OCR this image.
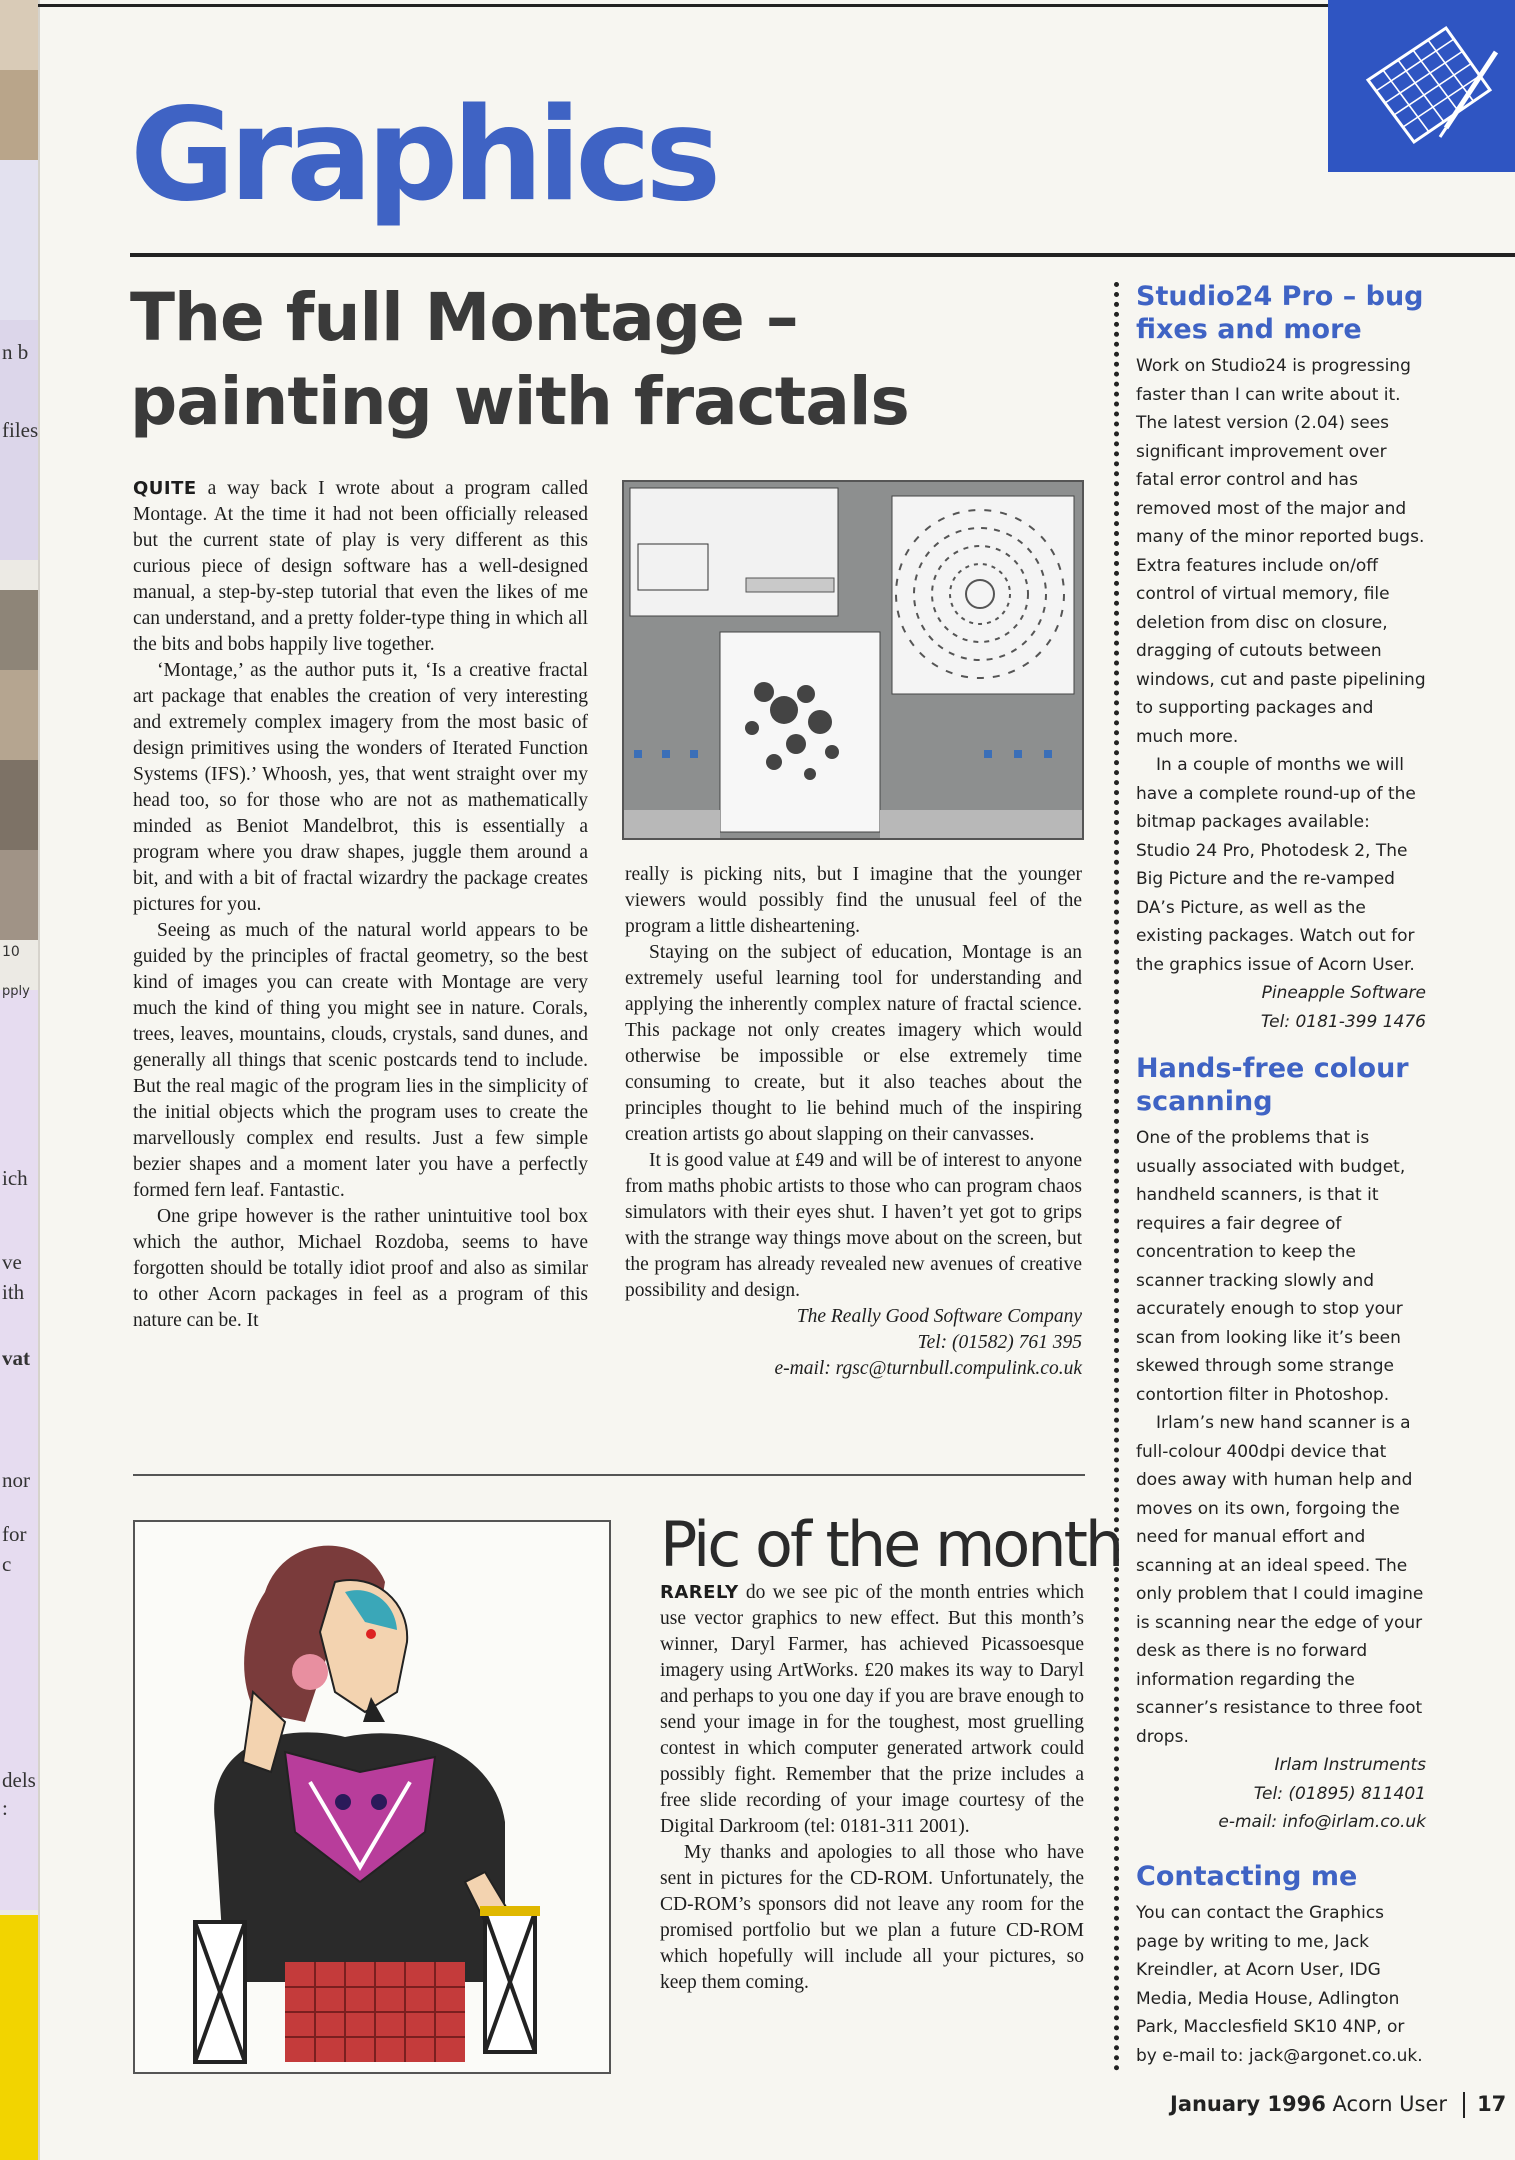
n b
files
10
pply
ich
ve
ith
vat
nor
for
c
dels
:
Graphics
The full Montage – painting with fractals

QUITE a way back I wrote about a program called Montage. At the time it had not been officially released but the current state of play is very different as this curious piece of design software has a well-designed manual, a step-by-step tutorial that even the likes of me can understand, and a pretty folder-type thing in which all the bits and bobs happily live together.

‘Montage,’ as the author puts it, ‘Is a creative fractal art package that enables the creation of very interesting and extremely complex imagery from the most basic of design primitives using the wonders of Iterated Function Systems (IFS).’ Whoosh, yes, that went straight over my head too, so for those who are not as mathematically minded as Beniot Mandelbrot, this is essentially a program where you draw shapes, juggle them around a bit, and with a bit of fractal wizardry the package creates pictures for you.

Seeing as much of the natural world appears to be guided by the principles of fractal geometry, so the best kind of images you can create with Montage are very much the kind of thing you might see in nature. Corals, trees, leaves, mountains, clouds, crystals, sand dunes, and generally all things that scenic postcards tend to include. But the real magic of the program lies in the simplicity of the initial objects which the program uses to create the marvellously complex end results. Just a few simple bezier shapes and a moment later you have a perfectly formed fern leaf. Fantastic.

One gripe however is the rather unintuitive tool box which the author, Michael Rozdoba, seems to have forgotten should be totally idiot proof and also as similar to other Acorn packages in feel as a program of this nature can be. It

really is picking nits, but I imagine that the younger viewers would possibly find the unusual feel of the program a little disheartening.

Staying on the subject of education, Montage is an extremely useful learning tool for understanding and applying the inherently complex nature of fractal science. This package not only creates imagery which would otherwise be impossible or else extremely time consuming to create, but it also teaches about the principles thought to lie behind much of the inspiring creation artists go about slapping on their canvasses.

It is good value at £49 and will be of interest to anyone from maths phobic artists to those who can program chaos simulators with their eyes shut. I haven’t yet got to grips with the strange way things move about on the screen, but the program has already revealed new avenues of creative possibility and design.

The Really Good Software Company

Tel: (01582) 761 395

e-mail: rgsc@turnbull.compulink.co.uk

Studio24 Pro – bug fixes and more

Work on Studio24 is progressing faster than I can write about it. The latest version (2.04) sees significant improvement over fatal error control and has removed most of the major and many of the minor reported bugs. Extra features include on/off control of virtual memory, file deletion from disc on closure, dragging of cutouts between windows, cut and paste pipelining to supporting packages and much more.

In a couple of months we will have a complete round-up of the bitmap packages available: Studio 24 Pro, Photodesk 2, The Big Picture and the re-vamped DA’s Picture, as well as the existing packages. Watch out for the graphics issue of Acorn User.

Pineapple Software

Tel: 0181-399 1476

Hands-free colour scanning

One of the problems that is usually associated with budget, handheld scanners, is that it requires a fair degree of concentration to keep the scanner tracking slowly and accurately enough to stop your scan from looking like it’s been skewed through some strange contortion filter in Photoshop.

Irlam’s new hand scanner is a full-colour 400dpi device that does away with human help and moves on its own, forgoing the need for manual effort and scanning at an ideal speed. The only problem that I could imagine is scanning near the edge of your desk as there is no forward information regarding the scanner’s resistance to three foot drops.

Irlam Instruments

Tel: (01895) 811401

e-mail: info@irlam.co.uk

Contacting me

You can contact the Graphics page by writing to me, Jack Kreindler, at Acorn User, IDG Media, Media House, Adlington Park, Macclesfield SK10 4NP, or by e-mail to: jack@argonet.co.uk.

Pic of the month

RARELY do we see pic of the month entries which use vector graphics to new effect. But this month’s winner, Daryl Farmer, has achieved Picassoesque imagery using ArtWorks. £20 makes its way to Daryl and perhaps to you one day if you are brave enough to send your image in for the toughest, most gruelling contest in which computer generated artwork could possibly fight. Remember that the prize includes a free slide recording of your image courtesy of the Digital Darkroom (tel: 0181-311 2001).

My thanks and apologies to all those who have sent in pictures for the CD-ROM. Unfortunately, the CD-ROM’s sponsors did not leave any room for the promised portfolio but we plan a future CD-ROM which hopefully will include all your pictures, so keep them coming.

January 1996 Acorn User 17
